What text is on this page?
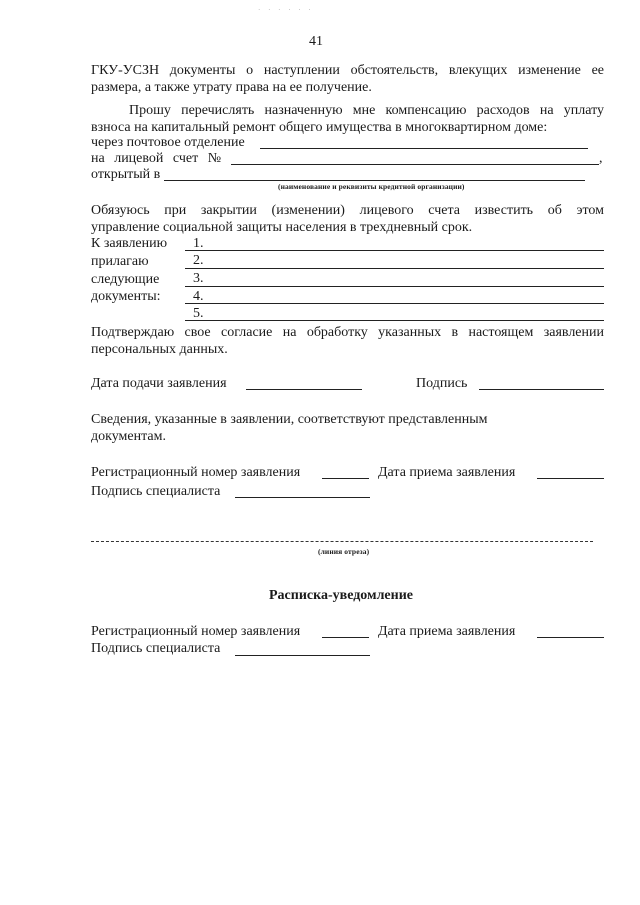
· · · · · ·
41
ГКУ-УСЗН документы о наступлении обстоятельств, влекущих изменение ее
размера, а также утрату права на ее получение.
Прошу перечислять назначенную мне компенсацию расходов на уплату
взноса на капитальный ремонт общего имущества в многоквартирном доме:
через почтовое отделение
на лицевой счет №	,
открытый в
(наименование и реквизиты кредитной организации)
Обязуюсь при закрытии (изменении) лицевого счета известить об этом
управление социальной защиты населения в трехдневный срок.
К заявлению
прилагаю
следующие
документы:
1.
2.
3.
4.
5.
Подтверждаю свое согласие на обработку указанных в настоящем заявлении
персональных данных.
Дата подачи заявления	Подпись
Сведения, указанные в заявлении, соответствуют представленным
документам.
Регистрационный номер заявления	Дата приема заявления
Подпись специалиста
(линия отреза)
Расписка-уведомление
Регистрационный номер заявления	Дата приема заявления
Подпись специалиста
